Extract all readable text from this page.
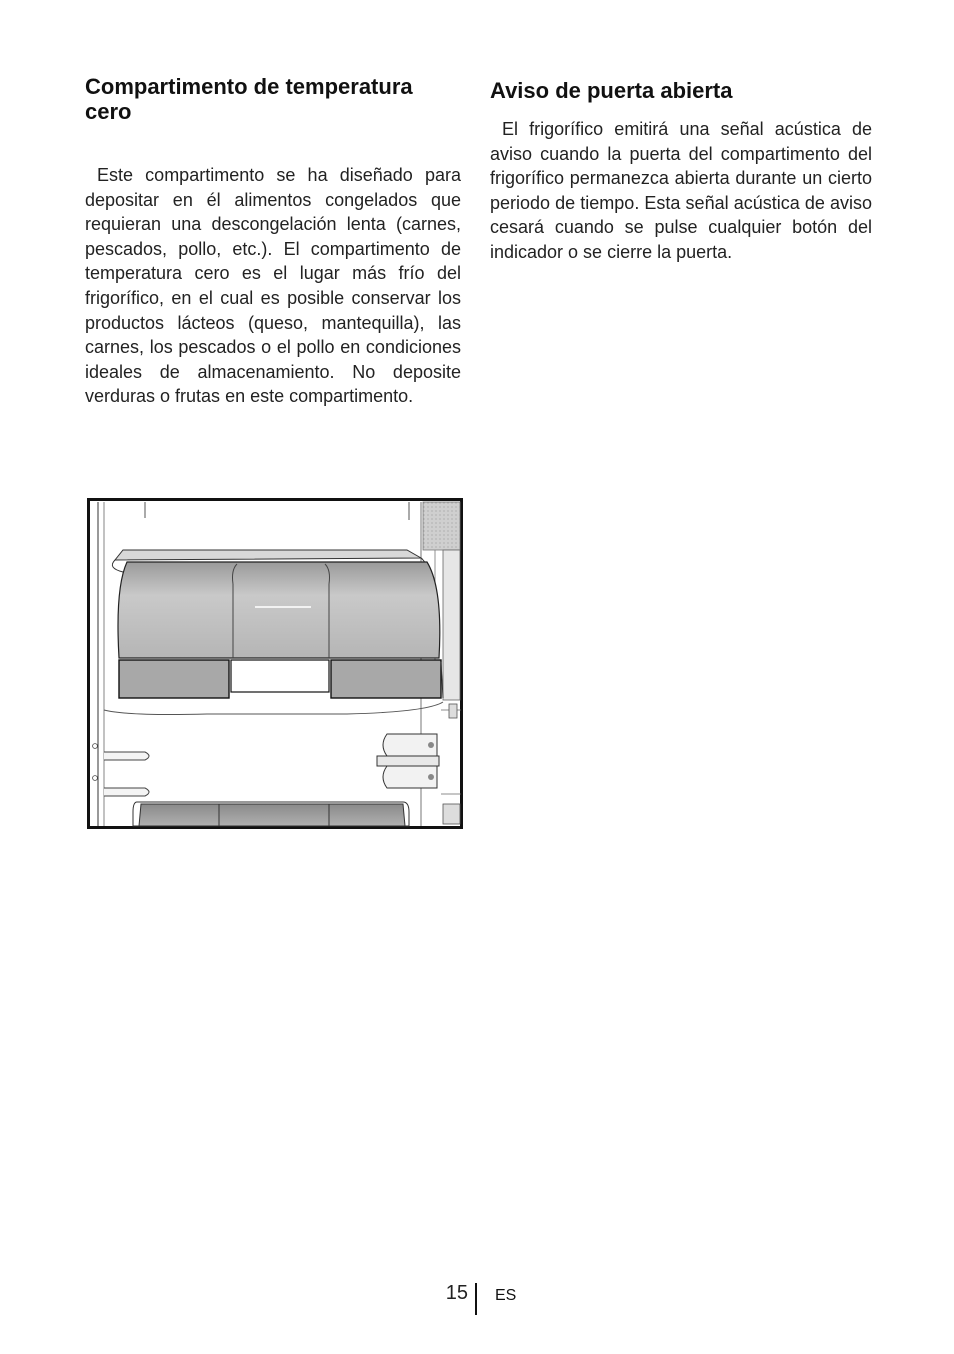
Compartimento de temperatura cero

Este compartimento se ha diseñado para depositar en él alimentos congelados que requieran una descongelación lenta (carnes, pescados, pollo, etc.). El compartimento de temperatura cero es el lugar más frío del frigorífico, en el cual es posible conservar los productos lácteos (queso, mantequilla), las carnes, los pescados o el pollo en condiciones ideales de almacenamiento. No deposite verduras o frutas en este compartimento.

Aviso de puerta abierta

El frigorífico emitirá una señal acústica de aviso cuando la puerta del compartimento del frigorífico permanezca abierta durante un cierto periodo de tiempo. Esta señal acústica de aviso cesará cuando se pulse cualquier botón del indicador o se cierre la puerta.

15 ES
